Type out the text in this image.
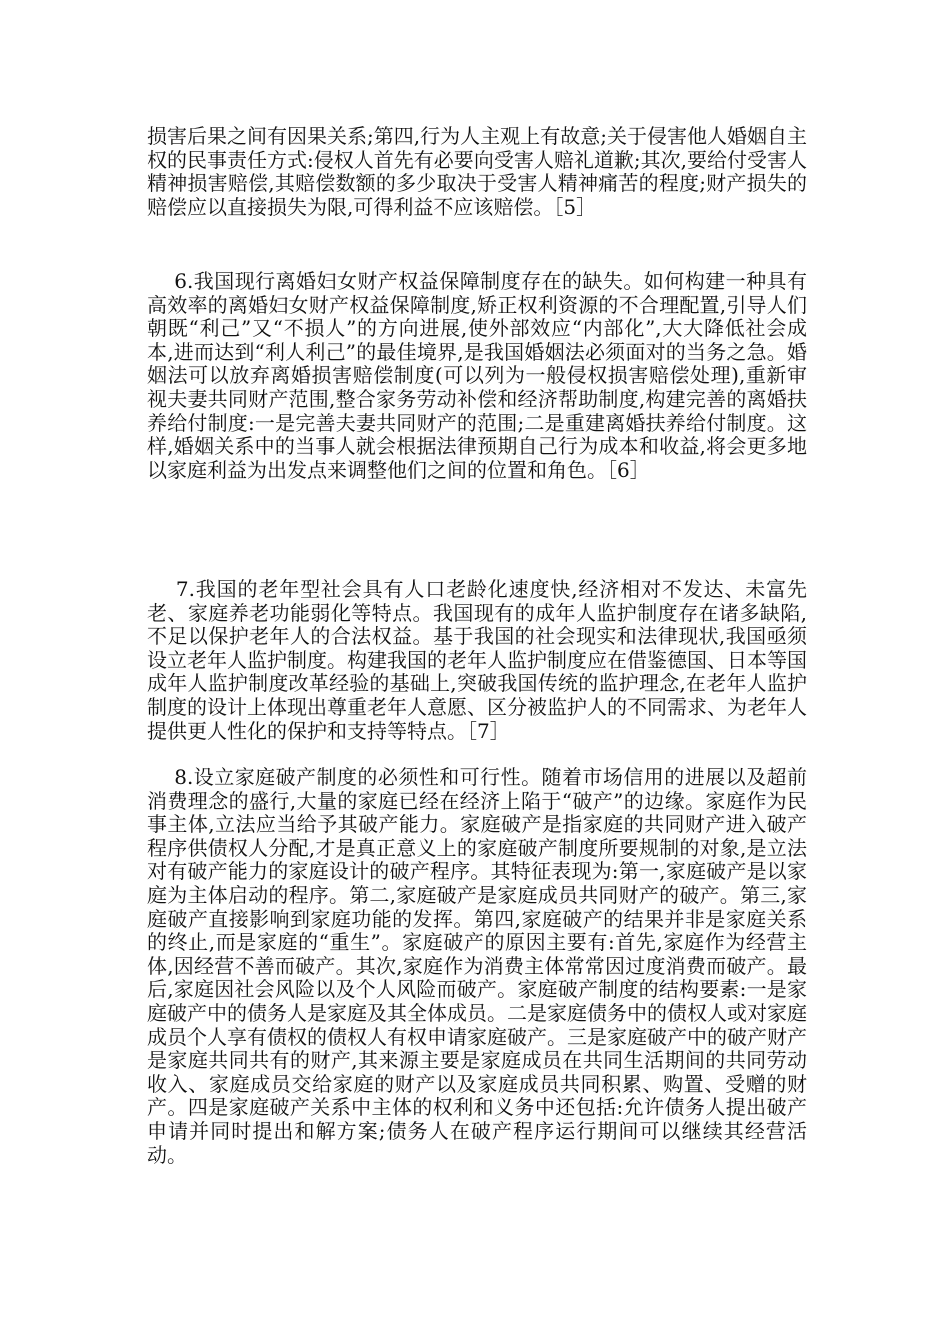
损害后果之间有因果关系;第四,行为人主观上有故意;关于侵害他人婚姻自主权的民事责任方式:侵权人首先有必要向受害人赔礼道歉;其次,要给付受害人精神损害赔偿,其赔偿数额的多少取决于受害人精神痛苦的程度;财产损失的赔偿应以直接损失为限,可得利益不应该赔偿。［5］
6.我国现行离婚妇女财产权益保障制度存在的缺失。如何构建一种具有高效率的离婚妇女财产权益保障制度,矫正权利资源的不合理配置,引导人们朝既“利己”又“不损人”的方向进展,使外部效应“内部化”,大大降低社会成本,进而达到“利人利己”的最佳境界,是我国婚姻法必须面对的当务之急。婚姻法可以放弃离婚损害赔偿制度(可以列为一般侵权损害赔偿处理),重新审视夫妻共同财产范围,整合家务劳动补偿和经济帮助制度,构建完善的离婚扶养给付制度:一是完善夫妻共同财产的范围;二是重建离婚扶养给付制度。这样,婚姻关系中的当事人就会根据法律预期自己行为成本和收益,将会更多地以家庭利益为出发点来调整他们之间的位置和角色。［6］
7.我国的老年型社会具有人口老龄化速度快,经济相对不发达、未富先老、家庭养老功能弱化等特点。我国现有的成年人监护制度存在诸多缺陷,不足以保护老年人的合法权益。基于我国的社会现实和法律现状,我国亟须设立老年人监护制度。构建我国的老年人监护制度应在借鉴德国、日本等国成年人监护制度改革经验的基础上,突破我国传统的监护理念,在老年人监护制度的设计上体现出尊重老年人意愿、区分被监护人的不同需求、为老年人提供更人性化的保护和支持等特点。［7］
8.设立家庭破产制度的必须性和可行性。随着市场信用的进展以及超前消费理念的盛行,大量的家庭已经在经济上陷于“破产”的边缘。家庭作为民事主体,立法应当给予其破产能力。家庭破产是指家庭的共同财产进入破产程序供债权人分配,才是真正意义上的家庭破产制度所要规制的对象,是立法对有破产能力的家庭设计的破产程序。其特征表现为:第一,家庭破产是以家庭为主体启动的程序。第二,家庭破产是家庭成员共同财产的破产。第三,家庭破产直接影响到家庭功能的发挥。第四,家庭破产的结果并非是家庭关系的终止,而是家庭的“重生”。家庭破产的原因主要有:首先,家庭作为经营主体,因经营不善而破产。其次,家庭作为消费主体常常因过度消费而破产。最后,家庭因社会风险以及个人风险而破产。家庭破产制度的结构要素:一是家庭破产中的债务人是家庭及其全体成员。二是家庭债务中的债权人或对家庭成员个人享有债权的债权人有权申请家庭破产。三是家庭破产中的破产财产是家庭共同共有的财产,其来源主要是家庭成员在共同生活期间的共同劳动收入、家庭成员交给家庭的财产以及家庭成员共同积累、购置、受赠的财产。四是家庭破产关系中主体的权利和义务中还包括:允许债务人提出破产申请并同时提出和解方案;债务人在破产程序运行期间可以继续其经营活动。
